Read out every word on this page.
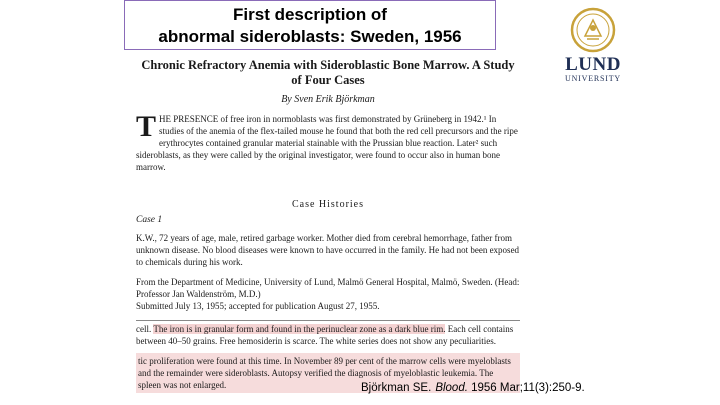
First description of
abnormal sideroblasts: Sweden, 1956
LUND
UNIVERSITY
Chronic Refractory Anemia with Sideroblastic Bone Marrow. A Study of Four Cases
By Sven Erik Björkman
THE PRESENCE of free iron in normoblasts was first demonstrated by Grüneberg in 1942.¹ In studies of the anemia of the flex-tailed mouse he found that both the red cell precursors and the ripe erythrocytes contained granular material stainable with the Prussian blue reaction. Later² such sideroblasts, as they were called by the original investigator, were found to occur also in human bone marrow.
Case Histories
Case 1
K.W., 72 years of age, male, retired garbage worker. Mother died from cerebral hemorrhage, father from unknown disease. No blood diseases were known to have occurred in the family. He had not been exposed to chemicals during his work.

From the Department of Medicine, University of Lund, Malmö General Hospital, Malmö, Sweden. (Head: Professor Jan Waldenström, M.D.)

Submitted July 13, 1955; accepted for publication August 27, 1955.

cell. The iron is in granular form and found in the perinuclear zone as a dark blue rim. Each cell contains between 40–50 grains. Free hemosiderin is scarce. The white series does not show any peculiarities.
tic proliferation were found at this time. In November 89 per cent of the marrow cells were myeloblasts and the remainder were sideroblasts. Autopsy verified the diagnosis of myeloblastic leukemia. The spleen was not enlarged.	Björkman SE. Blood. 1956 Mar;11(3):250-9.
